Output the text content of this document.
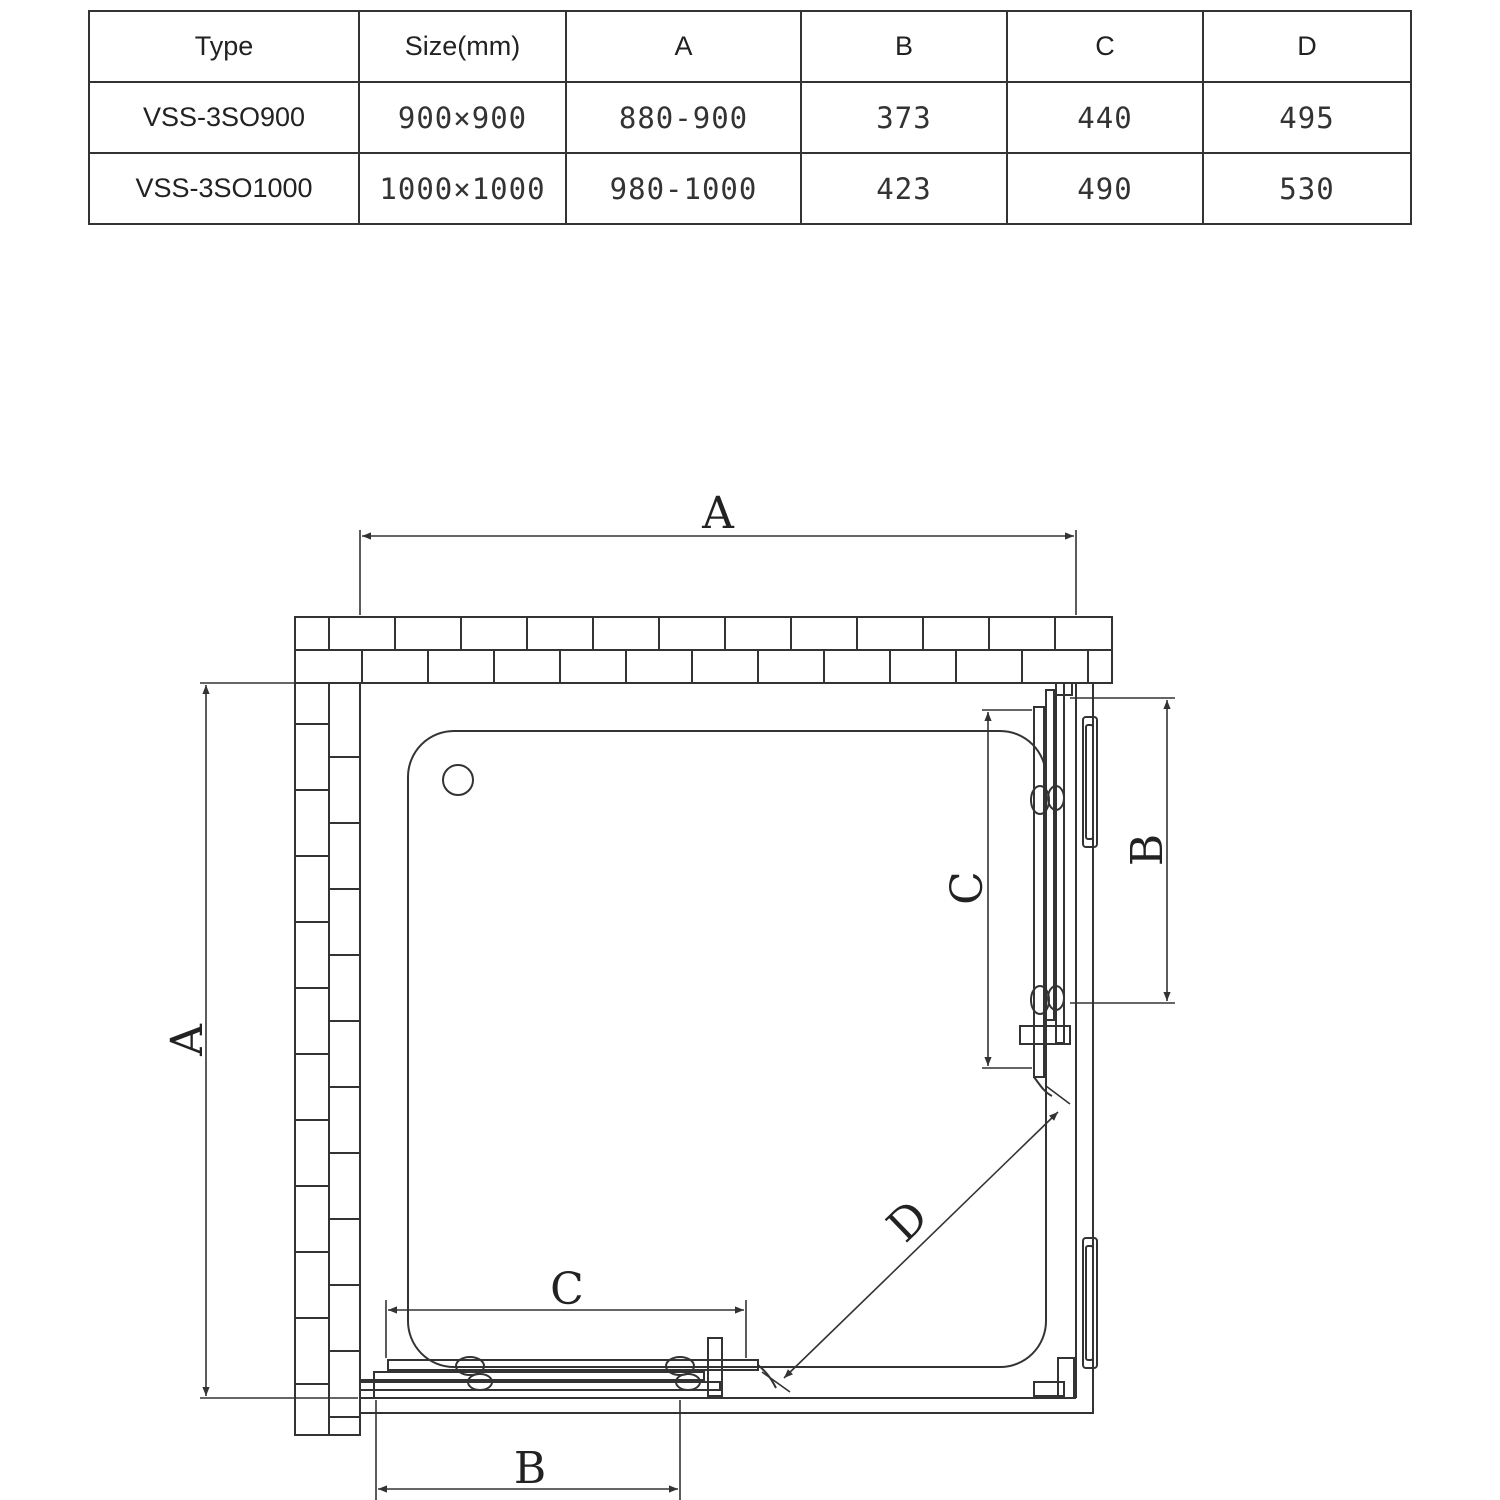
Type	Size(mm)	A	B	C	D
VSS-3SO900	900×900	880-900	373	440	495
VSS-3SO1000	1000×1000	980-1000	423	490	530
A
A
B
C
C
B
D
